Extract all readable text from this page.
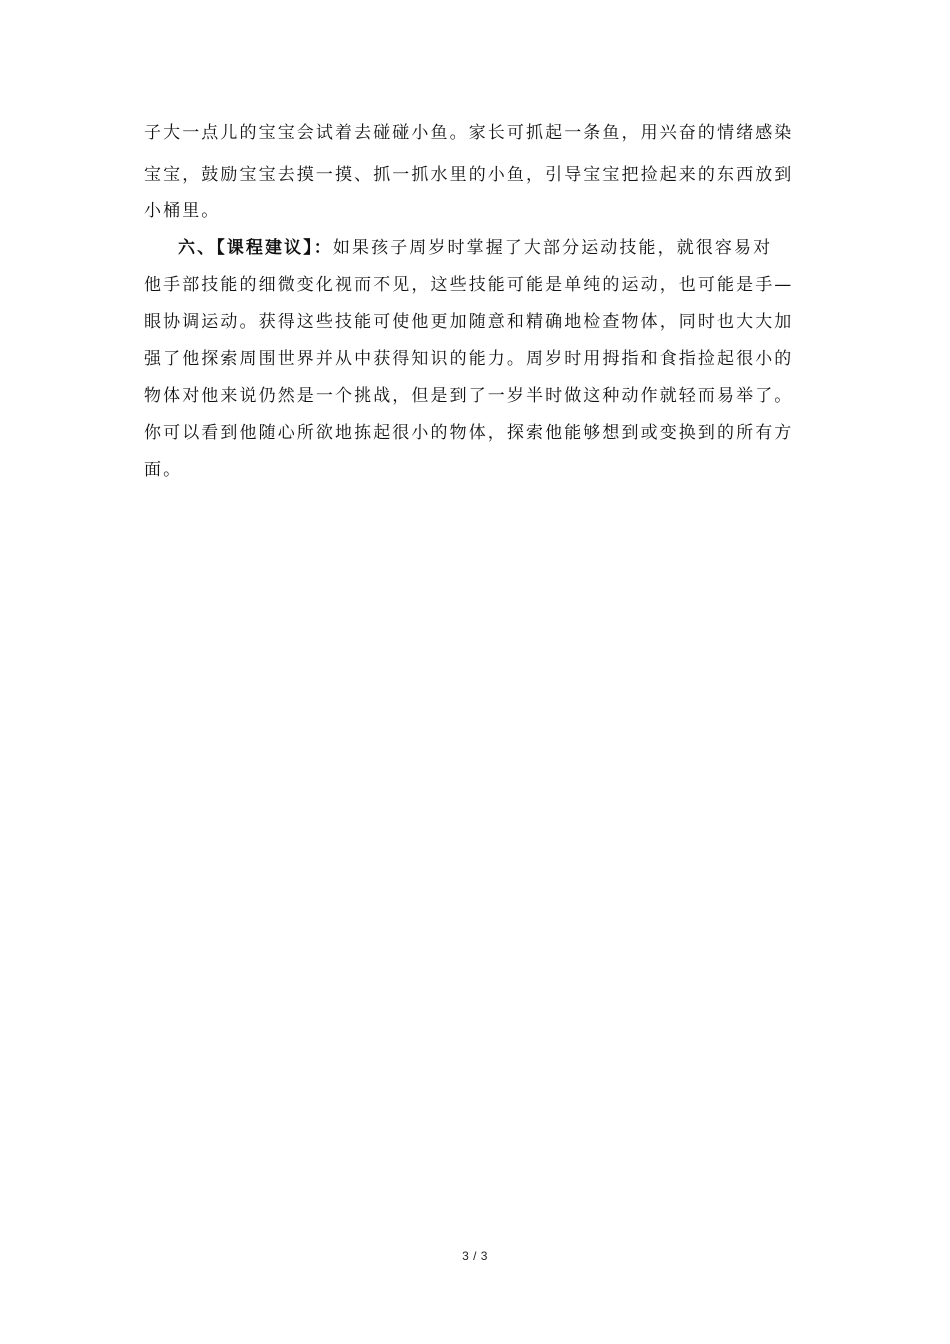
子大一点儿的宝宝会试着去碰碰小鱼。家长可抓起一条鱼，用兴奋的情绪感染
宝宝，鼓励宝宝去摸一摸、抓一抓水里的小鱼，引导宝宝把捡起来的东西放到
小桶里。
六、【课程建议】：如果孩子周岁时掌握了大部分运动技能，就很容易对
他手部技能的细微变化视而不见，这些技能可能是单纯的运动，也可能是手—
眼协调运动。获得这些技能可使他更加随意和精确地检查物体，同时也大大加
强了他探索周围世界并从中获得知识的能力。周岁时用拇指和食指捡起很小的
物体对他来说仍然是一个挑战，但是到了一岁半时做这种动作就轻而易举了。
你可以看到他随心所欲地拣起很小的物体，探索他能够想到或变换到的所有方
面。
3 / 3
